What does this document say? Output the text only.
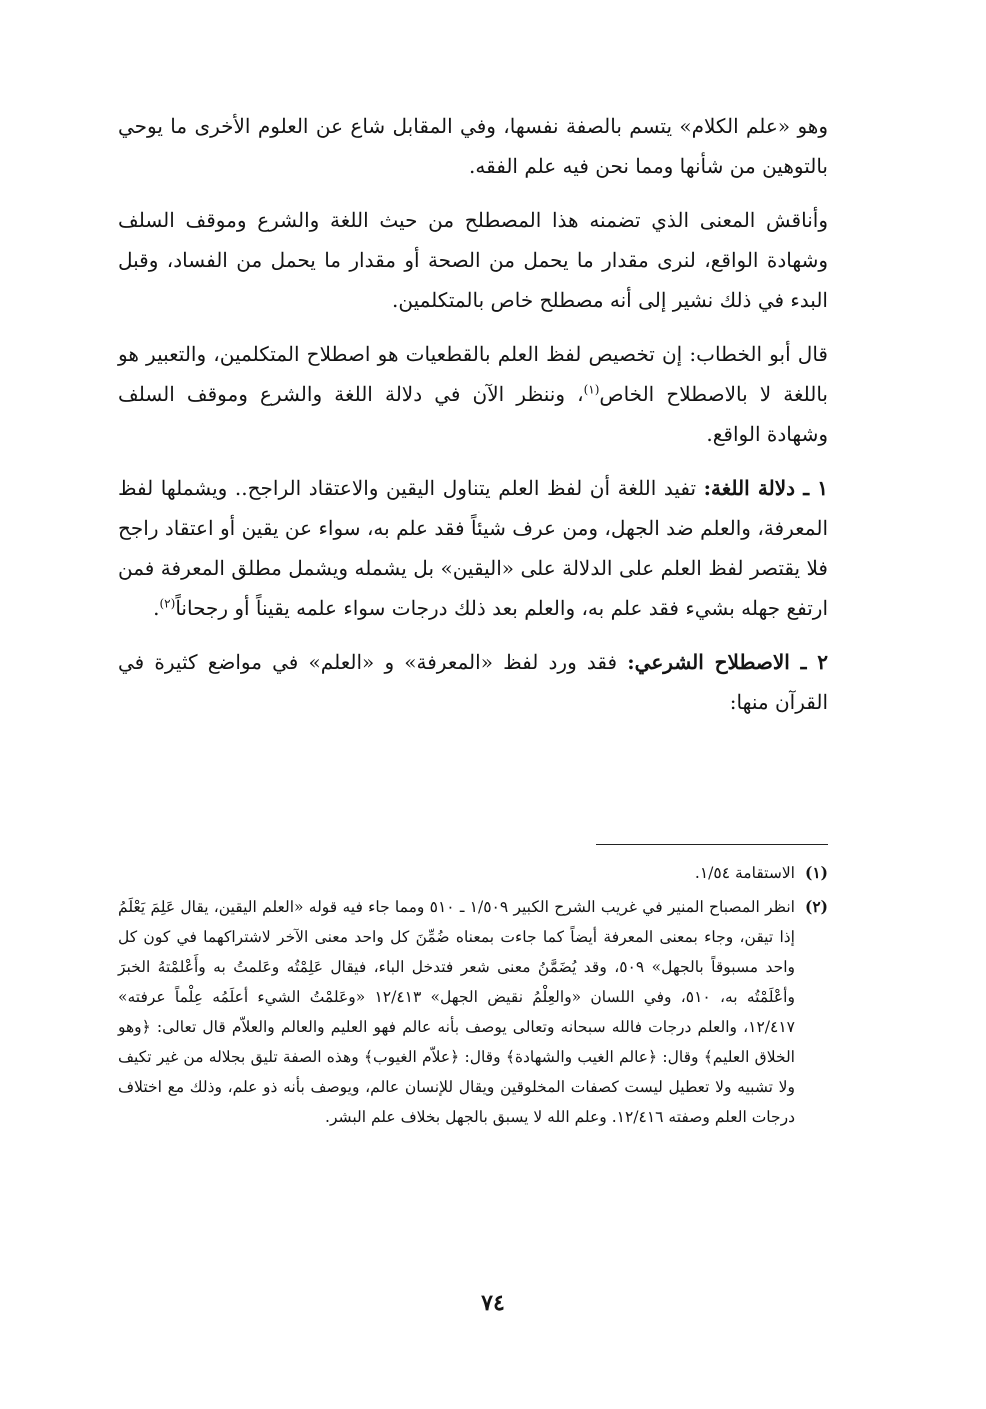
وهو «علم الكلام» يتسم بالصفة نفسها، وفي المقابل شاع عن العلوم الأخرى ما يوحي بالتوهين من شأنها ومما نحن فيه علم الفقه.

وأناقش المعنى الذي تضمنه هذا المصطلح من حيث اللغة والشرع وموقف السلف وشهادة الواقع، لنرى مقدار ما يحمل من الصحة أو مقدار ما يحمل من الفساد، وقبل البدء في ذلك نشير إلى أنه مصطلح خاص بالمتكلمين.

قال أبو الخطاب: إن تخصيص لفظ العلم بالقطعيات هو اصطلاح المتكلمين، والتعبير هو باللغة لا بالاصطلاح الخاص$^{(١)}$، وننظر الآن في دلالة اللغة والشرع وموقف السلف وشهادة الواقع.

١ ـ دلالة اللغة: تفيد اللغة أن لفظ العلم يتناول اليقين والاعتقاد الراجح.. ويشملها لفظ المعرفة، والعلم ضد الجهل، ومن عرف شيئاً فقد علم به، سواء عن يقين أو اعتقاد راجح فلا يقتصر لفظ العلم على الدلالة على «اليقين» بل يشمله ويشمل مطلق المعرفة فمن ارتفع جهله بشيء فقد علم به، والعلم بعد ذلك درجات سواء علمه يقيناً أو رجحاناً$^{(٢)}$.

٢ ـ الاصطلاح الشرعي: فقد ورد لفظ «المعرفة» و «العلم» في مواضع كثيرة في القرآن منها:

(١)
الاستقامة ١/٥٤.
(٢)
انظر المصباح المنير في غريب الشرح الكبير ١/٥٠٩ ـ ٥١٠ ومما جاء فيه قوله «العلم اليقين، يقال عَلِمَ يَعْلَمُ إذا تيقن، وجاء بمعنى المعرفة أيضاً كما جاءت بمعناه ضُمِّنَ كل واحد معنى الآخر لاشتراكهما في كون كل واحد مسبوقاً بالجهل» ٥٠٩، وقد يُضَمَّنُ معنى شعر فتدخل الباء، فيقال عَلِمْتُه وعَلمتُ به وأَعْلمْتهُ الخبرَ وأعْلَمْتُه به، ٥١٠، وفي اللسان «والعِلْمُ نقيض الجهل» ١٢/٤١٣ «وعَلمْتُ الشيء أعلَمُه عِلْماً عرفته» ١٢/٤١٧، والعلم درجات فالله سبحانه وتعالى يوصف بأنه عالم فهو العليم والعالم والعلاّم قال تعالى: ﴿وهو الخلاق العليم﴾ وقال: ﴿عالم الغيب والشهادة﴾ وقال: ﴿علاّم الغيوب﴾ وهذه الصفة تليق بجلاله من غير تكيف ولا تشبيه ولا تعطيل ليست كصفات المخلوقين ويقال للإنسان عالم، ويوصف بأنه ذو علم، وذلك مع اختلاف درجات العلم وصفته ١٢/٤١٦. وعلم الله لا يسبق بالجهل بخلاف علم البشر.
٧٤
